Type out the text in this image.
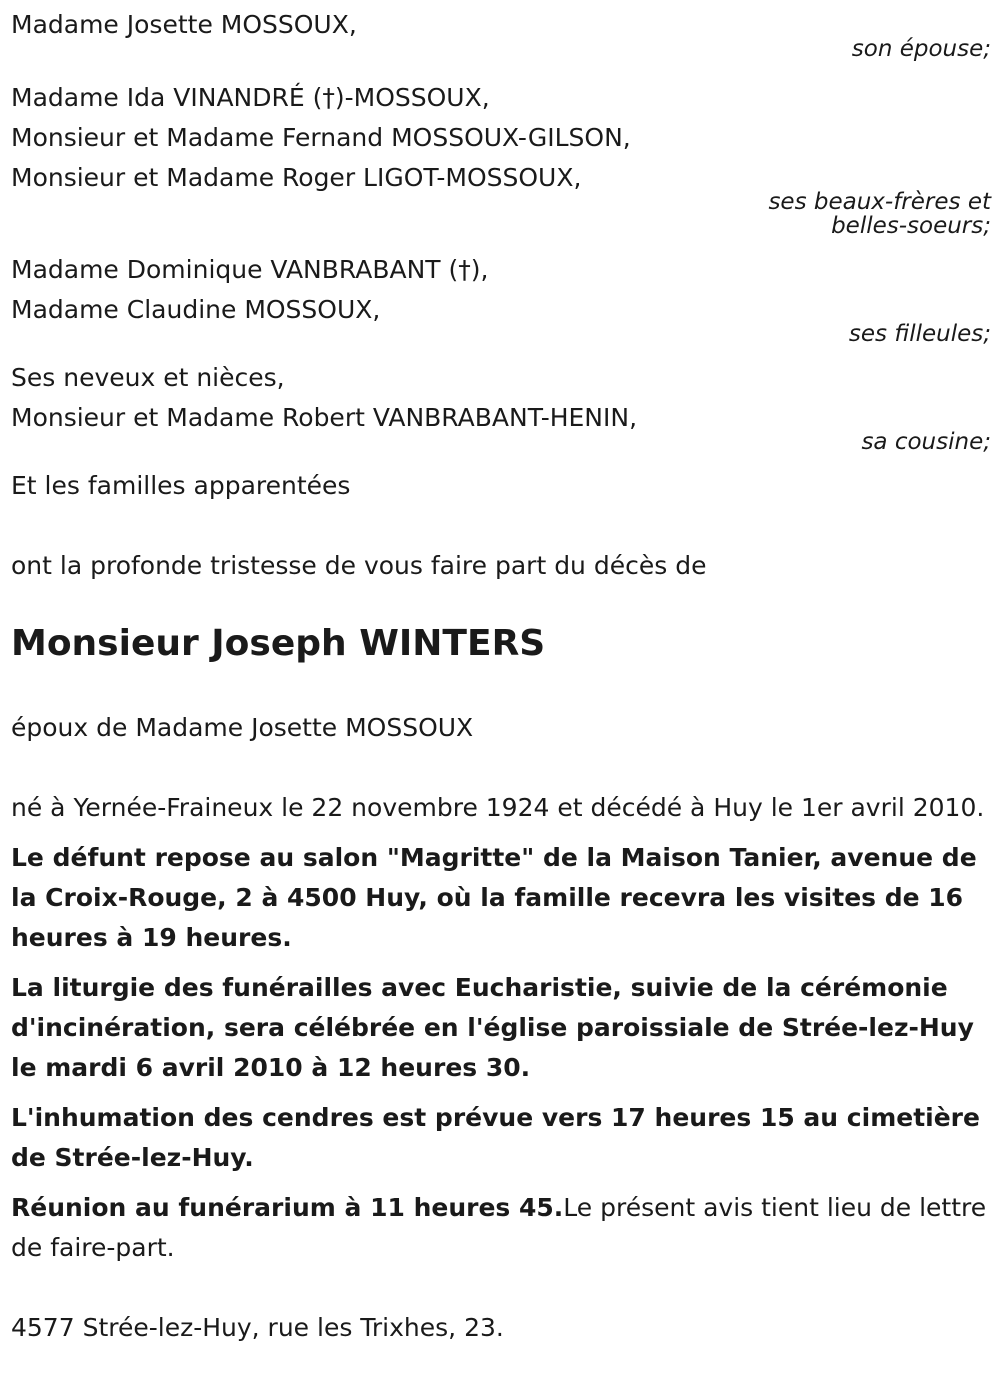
Madame Josette MOSSOUX,
son épouse;
Madame Ida VINANDRÉ (†)-MOSSOUX,
Monsieur et Madame Fernand MOSSOUX-GILSON,
Monsieur et Madame Roger LIGOT-MOSSOUX,
ses beaux-frères et
belles-soeurs;
Madame Dominique VANBRABANT (†),
Madame Claudine MOSSOUX,
ses filleules;
Ses neveux et nièces,
Monsieur et Madame Robert VANBRABANT-HENIN,
sa cousine;
Et les familles apparentées
ont la profonde tristesse de vous faire part du décès de
Monsieur Joseph WINTERS
époux de Madame Josette MOSSOUX
né à Yernée-Fraineux le 22 novembre 1924 et décédé à Huy le 1er avril 2010.
Le défunt repose au salon "Magritte" de la Maison Tanier, avenue de la Croix-Rouge, 2 à 4500 Huy, où la famille recevra les visites de 16 heures à 19 heures.
La liturgie des funérailles avec Eucharistie, suivie de la cérémonie d'incinération, sera célébrée en l'église paroissiale de Strée-lez-Huy le mardi 6 avril 2010 à 12 heures 30.
L'inhumation des cendres est prévue vers 17 heures 15 au cimetière de Strée-lez-Huy.
Réunion au funérarium à 11 heures 45.Le présent avis tient lieu de lettre de faire-part.
4577 Strée-lez-Huy, rue les Trixhes, 23.
